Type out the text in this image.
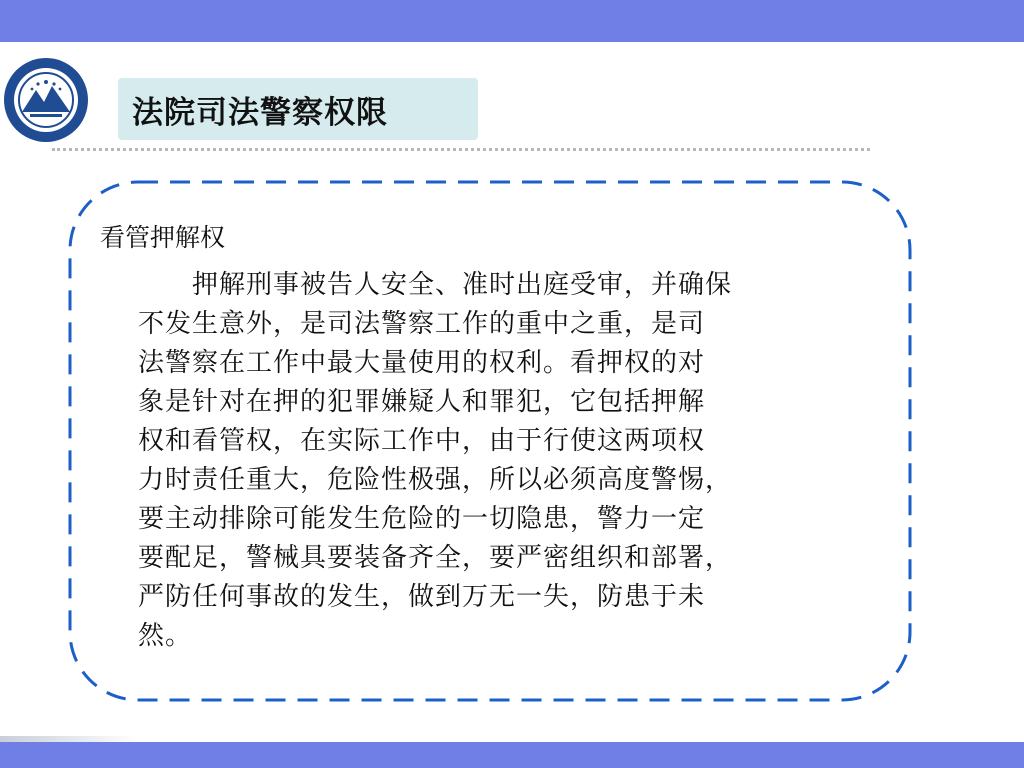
法院司法警察权限
看管押解权
　　押解刑事被告人安全、准时出庭受审，并确保
不发生意外，是司法警察工作的重中之重，是司
法警察在工作中最大量使用的权利。看押权的对
象是针对在押的犯罪嫌疑人和罪犯，它包括押解
权和看管权，在实际工作中，由于行使这两项权
力时责任重大，危险性极强，所以必须高度警惕，
要主动排除可能发生危险的一切隐患，警力一定
要配足，警械具要装备齐全，要严密组织和部署，
严防任何事故的发生，做到万无一失，防患于未
然。
